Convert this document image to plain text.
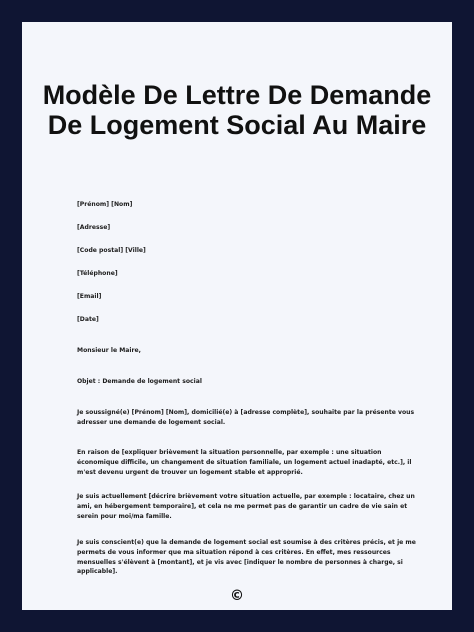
Modèle De Lettre De Demande De Logement Social Au Maire

[Prénom] [Nom]

[Adresse]

[Code postal] [Ville]

[Téléphone]

[Email]

[Date]

Monsieur le Maire,

Objet : Demande de logement social

Je soussigné(e) [Prénom] [Nom], domicilié(e) à [adresse complète], souhaite par la présente vous adresser une demande de logement social.

En raison de [expliquer brièvement la situation personnelle, par exemple : une situation économique difficile, un changement de situation familiale, un logement actuel inadapté, etc.], il m'est devenu urgent de trouver un logement stable et approprié.

Je suis actuellement [décrire brièvement votre situation actuelle, par exemple : locataire, chez un ami, en hébergement temporaire], et cela ne me permet pas de garantir un cadre de vie sain et serein pour moi/ma famille.

Je suis conscient(e) que la demande de logement social est soumise à des critères précis, et je me permets de vous informer que ma situation répond à ces critères. En effet, mes ressources mensuelles s'élèvent à [montant], et je vis avec [indiquer le nombre de personnes à charge, si applicable].

©
